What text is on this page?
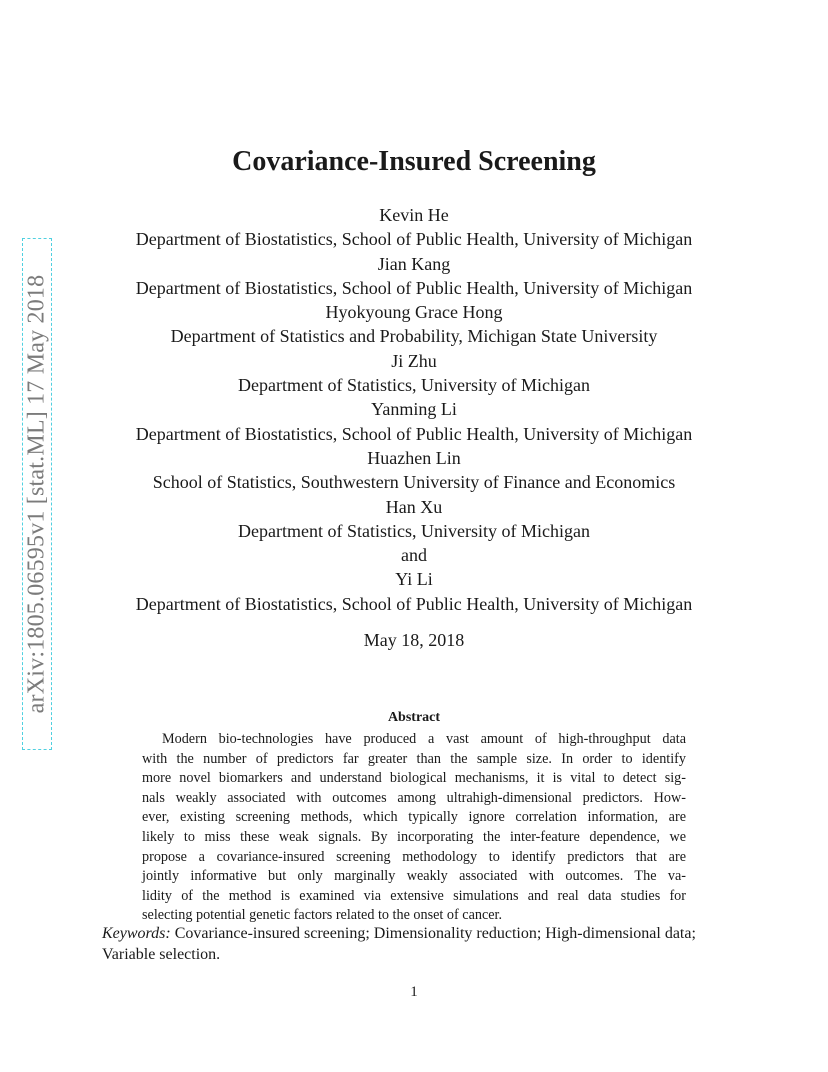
arXiv:1805.06595v1 [stat.ML] 17 May 2018
Covariance-Insured Screening
Kevin He
Department of Biostatistics, School of Public Health, University of Michigan
Jian Kang
Department of Biostatistics, School of Public Health, University of Michigan
Hyokyoung Grace Hong
Department of Statistics and Probability, Michigan State University
Ji Zhu
Department of Statistics, University of Michigan
Yanming Li
Department of Biostatistics, School of Public Health, University of Michigan
Huazhen Lin
School of Statistics, Southwestern University of Finance and Economics
Han Xu
Department of Statistics, University of Michigan
and
Yi Li
Department of Biostatistics, School of Public Health, University of Michigan
May 18, 2018
Abstract
Modern bio-technologies have produced a vast amount of high-throughput data
with the number of predictors far greater than the sample size. In order to identify
more novel biomarkers and understand biological mechanisms, it is vital to detect sig-
nals weakly associated with outcomes among ultrahigh-dimensional predictors. How-
ever, existing screening methods, which typically ignore correlation information, are
likely to miss these weak signals. By incorporating the inter-feature dependence, we
propose a covariance-insured screening methodology to identify predictors that are
jointly informative but only marginally weakly associated with outcomes. The va-
lidity of the method is examined via extensive simulations and real data studies for
selecting potential genetic factors related to the onset of cancer.
Keywords: Covariance-insured screening; Dimensionality reduction; High-dimensional data;
Variable selection.
1
